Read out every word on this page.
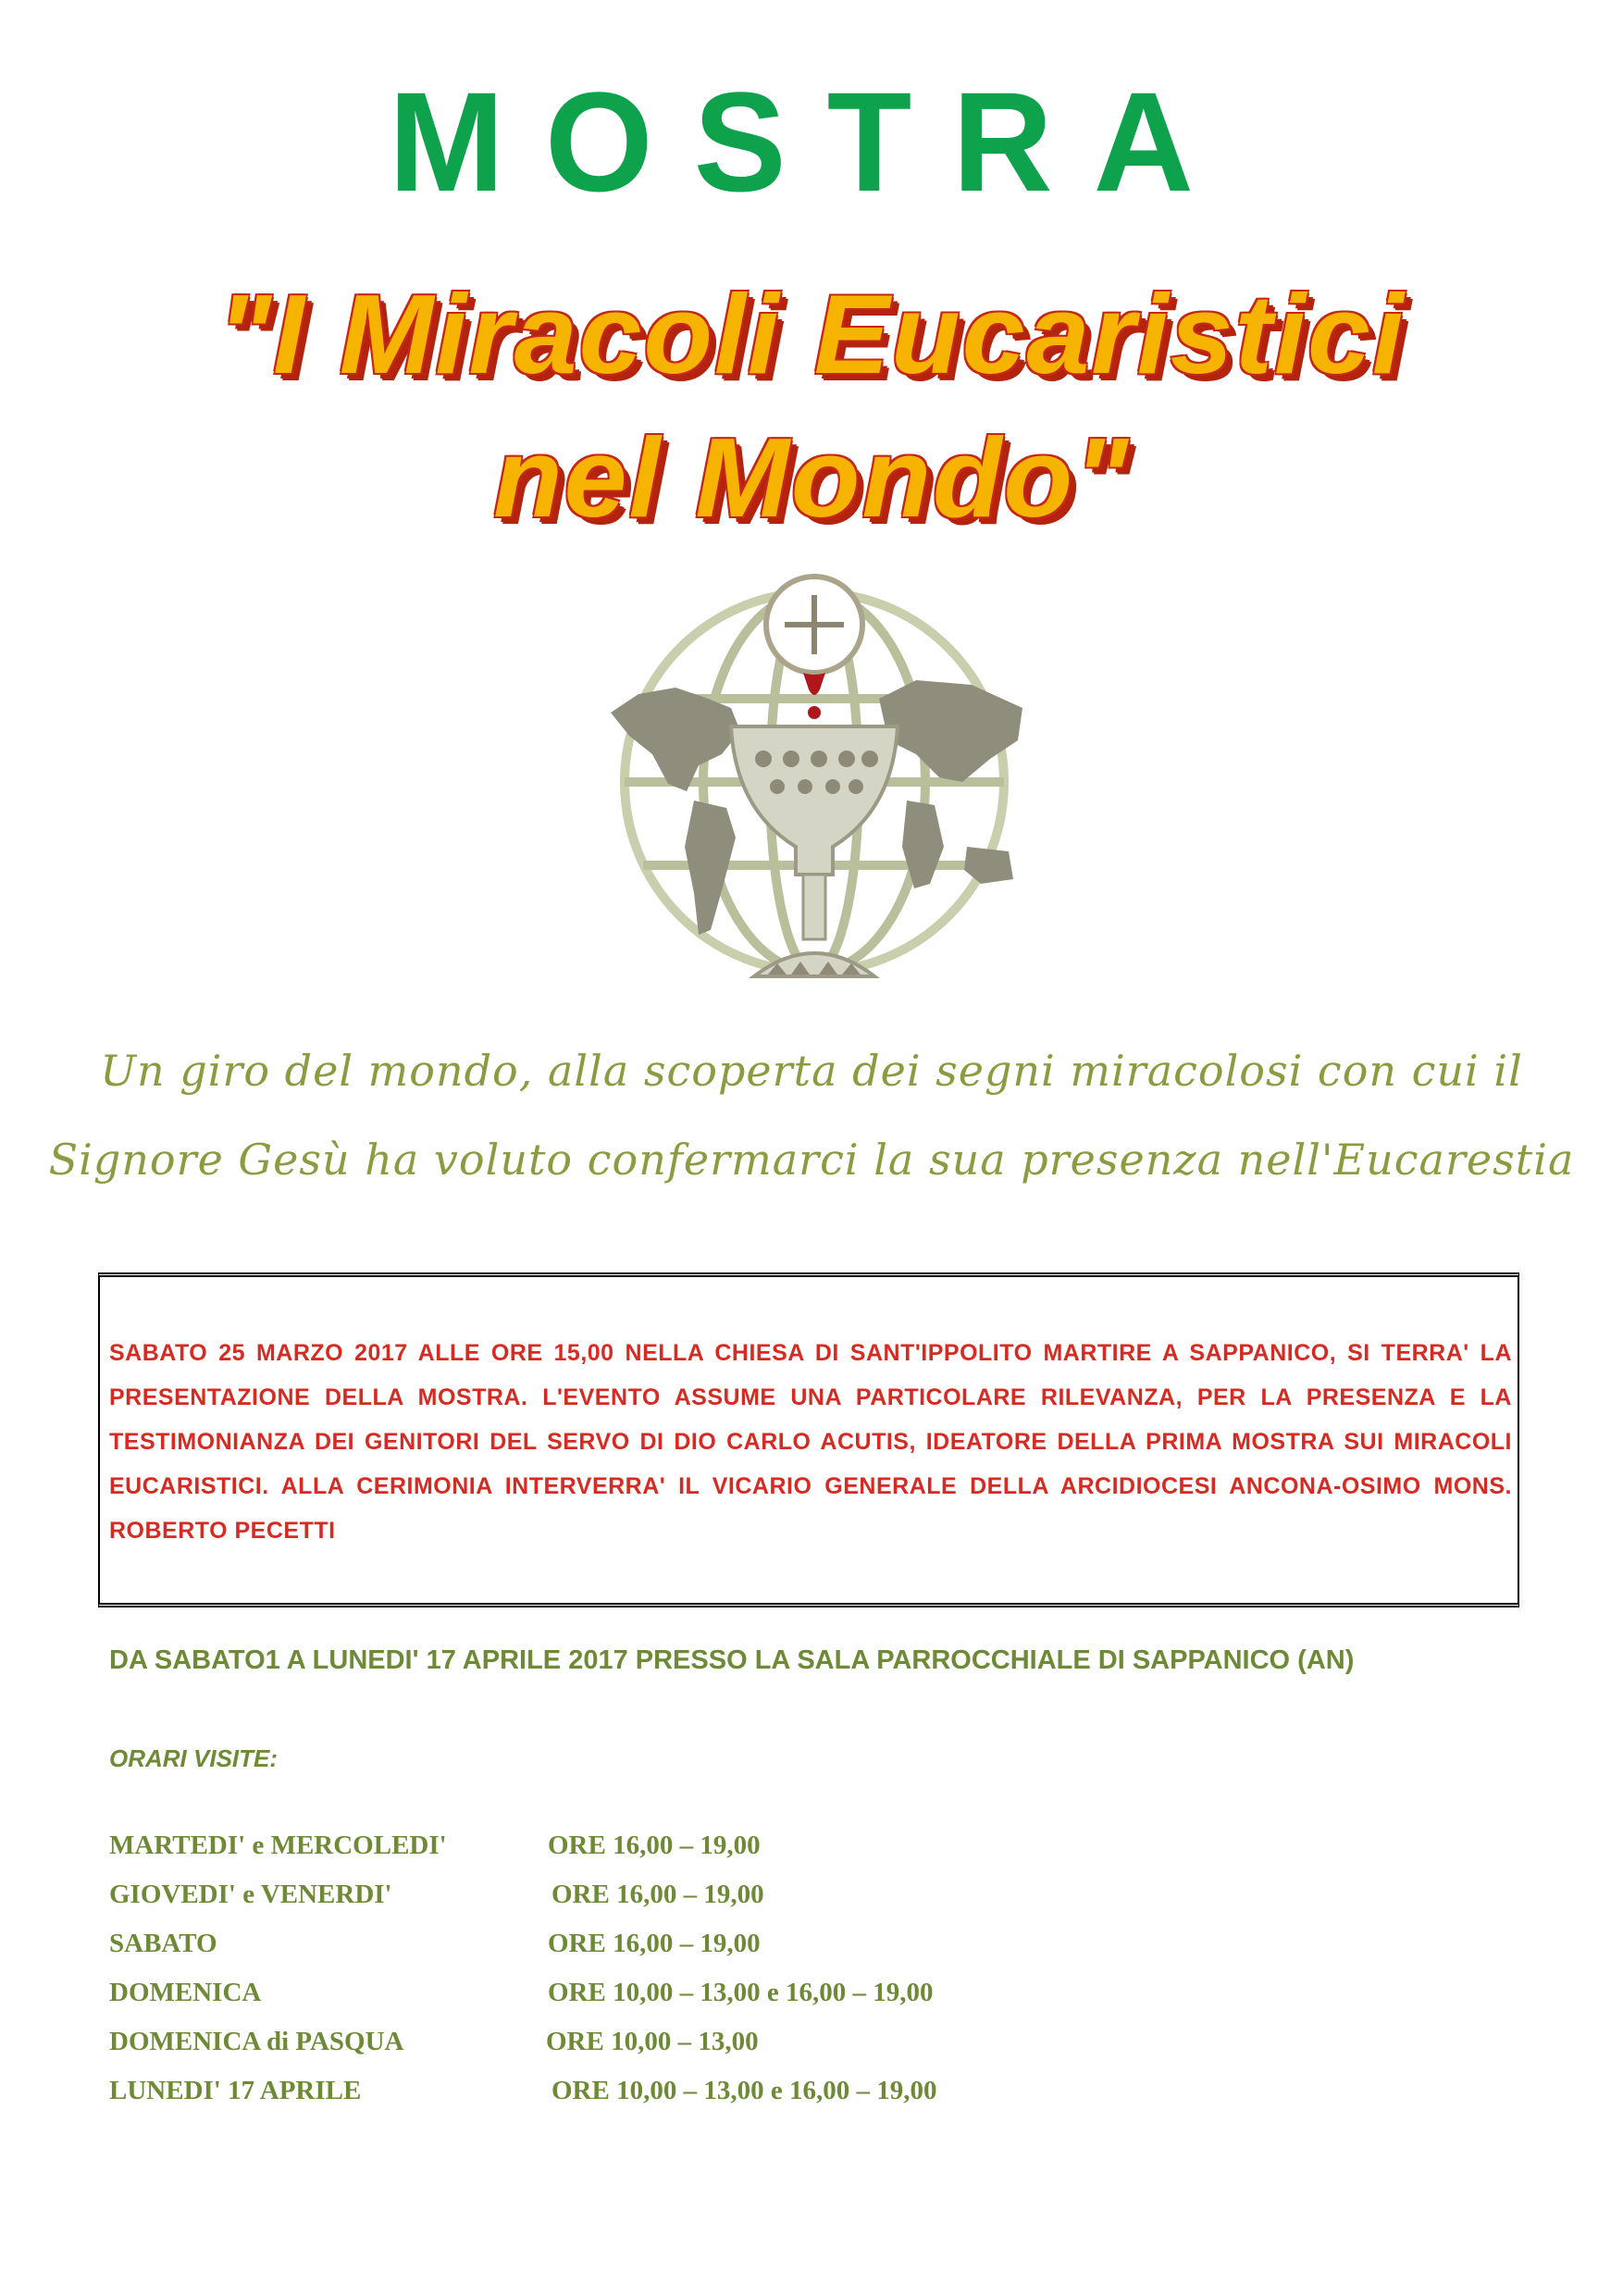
MOSTRA
"I Miracoli Eucaristici
nel Mondo"
Un giro del mondo, alla scoperta dei segni miracolosi con cui il
Signore Gesù ha voluto confermarci la sua presenza nell'Eucarestia
SABATO 25 MARZO 2017 ALLE ORE 15,00 NELLA CHIESA DI SANT'IPPOLITO MARTIRE A SAPPANICO, SI TERRA' LA PRESENTAZIONE DELLA MOSTRA. L'EVENTO ASSUME UNA PARTICOLARE RILEVANZA, PER LA PRESENZA E LA TESTIMONIANZA DEI GENITORI DEL SERVO DI DIO CARLO ACUTIS, IDEATORE DELLA PRIMA MOSTRA SUI MIRACOLI EUCARISTICI. ALLA CERIMONIA INTERVERRA' IL VICARIO GENERALE DELLA ARCIDIOCESI ANCONA-OSIMO MONS. ROBERTO PECETTI
DA SABATO1 A LUNEDI' 17 APRILE 2017 PRESSO LA SALA PARROCCHIALE DI SAPPANICO (AN)
ORARI VISITE:
MARTEDI' e MERCOLEDI'	ORE 16,00 – 19,00
GIOVEDI' e VENERDI'	ORE 16,00 – 19,00
SABATO	ORE 16,00 – 19,00
DOMENICA	ORE 10,00 – 13,00 e 16,00 – 19,00
DOMENICA di PASQUA	ORE 10,00 – 13,00
LUNEDI' 17 APRILE	ORE 10,00 – 13,00 e 16,00 – 19,00
